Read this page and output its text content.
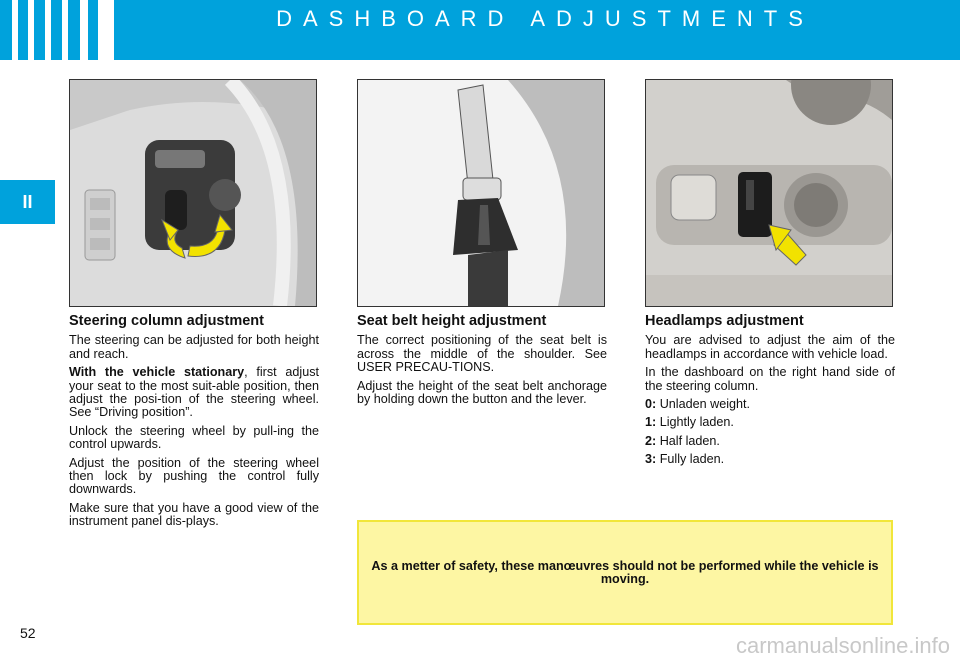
DASHBOARD ADJUSTMENTS
II
Steering column adjustment

The steering can be adjusted for both height and reach.

With the vehicle stationary, first adjust your seat to the most suit-able position, then adjust the posi-tion of the steering wheel. See “Driving position”.

Unlock the steering wheel by pull-ing the control upwards.

Adjust the position of the steering wheel then lock by pushing the control fully downwards.

Make sure that you have a good view of the instrument panel dis-plays.

Seat belt height adjustment

The correct positioning of the seat belt is across the middle of the shoulder. See USER PRECAU-TIONS.

Adjust the height of the seat belt anchorage by holding down the button and the lever.

Headlamps adjustment

You are advised to adjust the aim of the headlamps in accordance with vehicle load.

In the dashboard on the right hand side of the steering column.

0: Unladen weight.

1: Lightly laden.

2: Half laden.

3: Fully laden.

As a metter of safety, these manœuvres should not be performed while the vehicle is moving.

52	carmanualsonline.info
